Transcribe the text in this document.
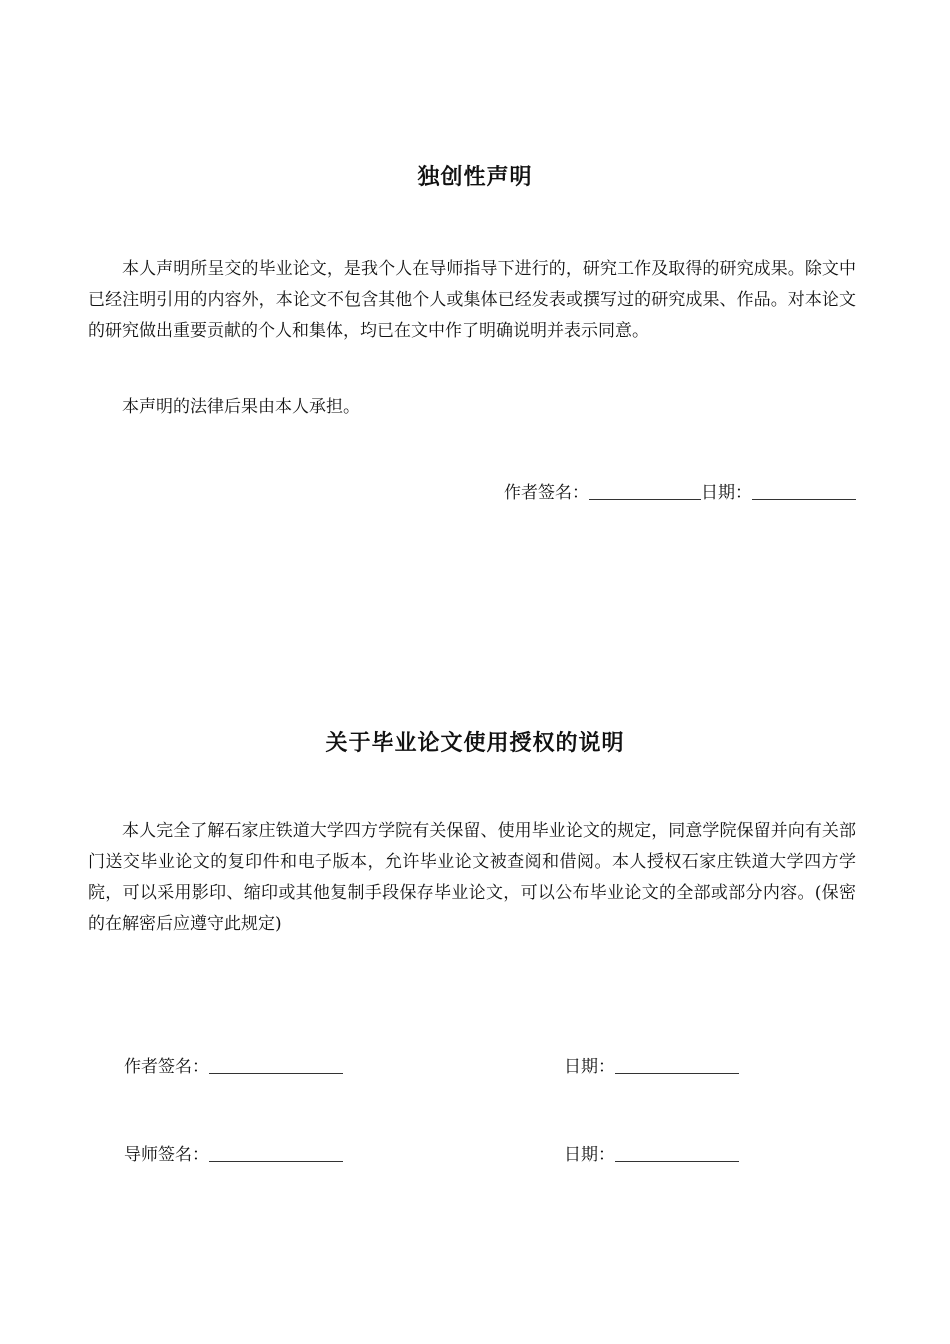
独创性声明

本人声明所呈交的毕业论文，是我个人在导师指导下进行的，研究工作及取得的研究成果。除文中已经注明引用的内容外，本论文不包含其他个人或集体已经发表或撰写过的研究成果、作品。对本论文的研究做出重要贡献的个人和集体，均已在文中作了明确说明并表示同意。

本声明的法律后果由本人承担。

作者签名：	日期：
关于毕业论文使用授权的说明

本人完全了解石家庄铁道大学四方学院有关保留、使用毕业论文的规定，同意学院保留并向有关部门送交毕业论文的复印件和电子版本，允许毕业论文被查阅和借阅。本人授权石家庄铁道大学四方学院，可以采用影印、缩印或其他复制手段保存毕业论文，可以公布毕业论文的全部或部分内容。(保密的在解密后应遵守此规定)

作者签名：	日期：
导师签名：	日期：
